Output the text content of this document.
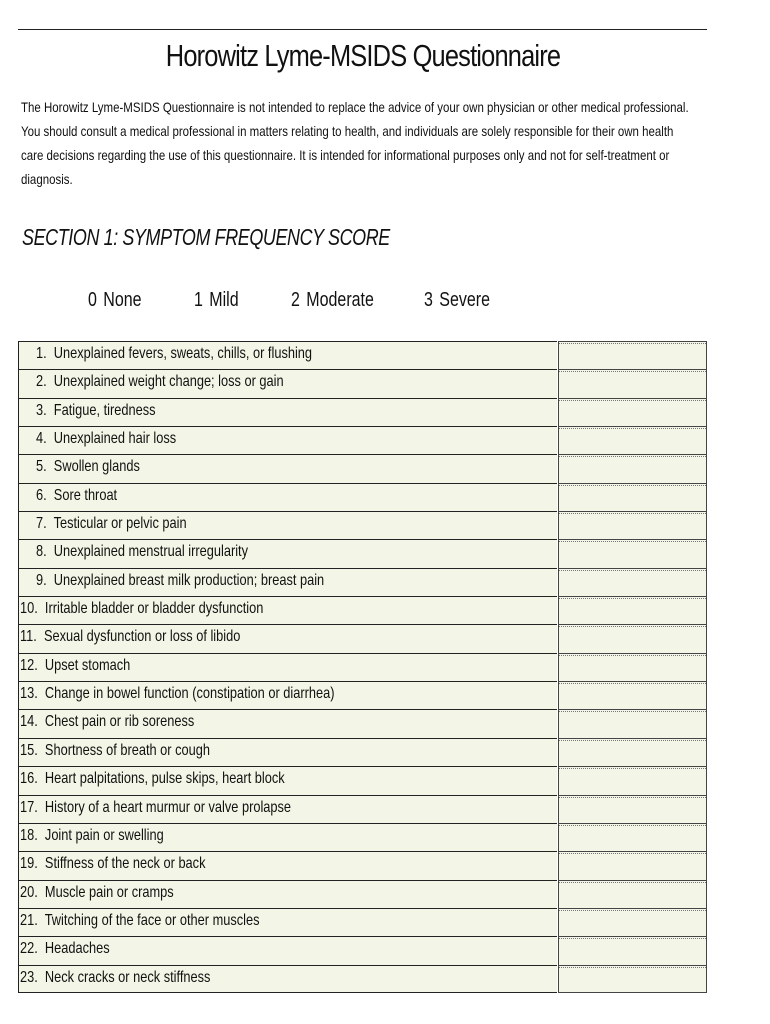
Horowitz Lyme-MSIDS Questionnaire
The Horowitz Lyme-MSIDS Questionnaire is not intended to replace the advice of your own physician or other medical professional. You should consult a medical professional in matters relating to health, and individuals are solely responsible for their own health care decisions regarding the use of this questionnaire. It is intended for informational purposes only and not for self-treatment or diagnosis.
SECTION 1: SYMPTOM FREQUENCY SCORE
0 None	1 Mild	2 Moderate	3 Severe
1. Unexplained fevers, sweats, chills, or flushing
2. Unexplained weight change; loss or gain
3. Fatigue, tiredness
4. Unexplained hair loss
5. Swollen glands
6. Sore throat
7. Testicular or pelvic pain
8. Unexplained menstrual irregularity
9. Unexplained breast milk production; breast pain
10. Irritable bladder or bladder dysfunction
11. Sexual dysfunction or loss of libido
12. Upset stomach
13. Change in bowel function (constipation or diarrhea)
14. Chest pain or rib soreness
15. Shortness of breath or cough
16. Heart palpitations, pulse skips, heart block
17. History of a heart murmur or valve prolapse
18. Joint pain or swelling
19. Stiffness of the neck or back
20. Muscle pain or cramps
21. Twitching of the face or other muscles
22. Headaches
23. Neck cracks or neck stiffness
